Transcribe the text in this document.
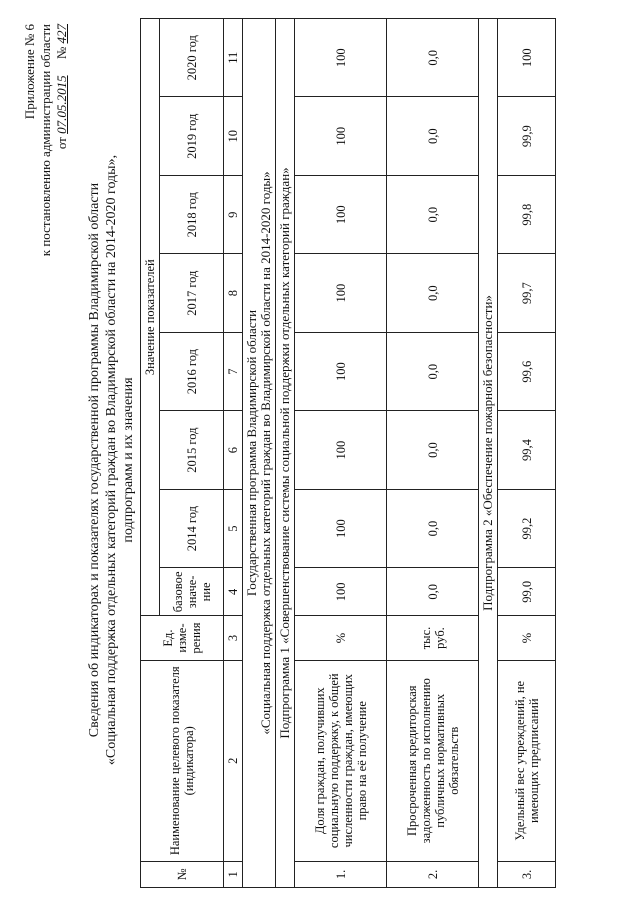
Приложение № 6 к постановлению администрации области от 07.05.2015     № 427
Сведения об индикаторах и показателях государственной программы Владимирской области «Социальная поддержка отдельных категорий граждан во Владимирской области на 2014-2020 годы», подпрограмм и их значения
№	Наименование целевого показателя (индикатора)	Ед. изме-рения	Значение показателей							
			базовое значе-ние	2014 год	2015 год	2016 год	2017 год	2018 год	2019 год	2020 год
1	2	3	4	5	6	7	8	9	10	11

Государственная программа Владимирской области «Социальная поддержка отдельных категорий граждан во Владимирской области на 2014-2020 годы»										

Подпрограмма 1 «Совершенствование системы социальной поддержки отдельных категорий граждан»										
1.	Доля граждан, получивших социальную поддержку, к общей численности граждан, имеющих право на её получение	%	100	100	100	100	100	100	100	100
2.	Просроченная кредиторская задолженность по исполнению публичных нормативных обязательств	тыс. руб.	0,0	0,0	0,0	0,0	0,0	0,0	0,0	0,0
Подпрограмма 2 «Обеспечение пожарной безопасности»										
3.	Удельный вес учреждений, не имеющих предписаний	%	99,0	99,2	99,4	99,6	99,7	99,8	99,9	100
